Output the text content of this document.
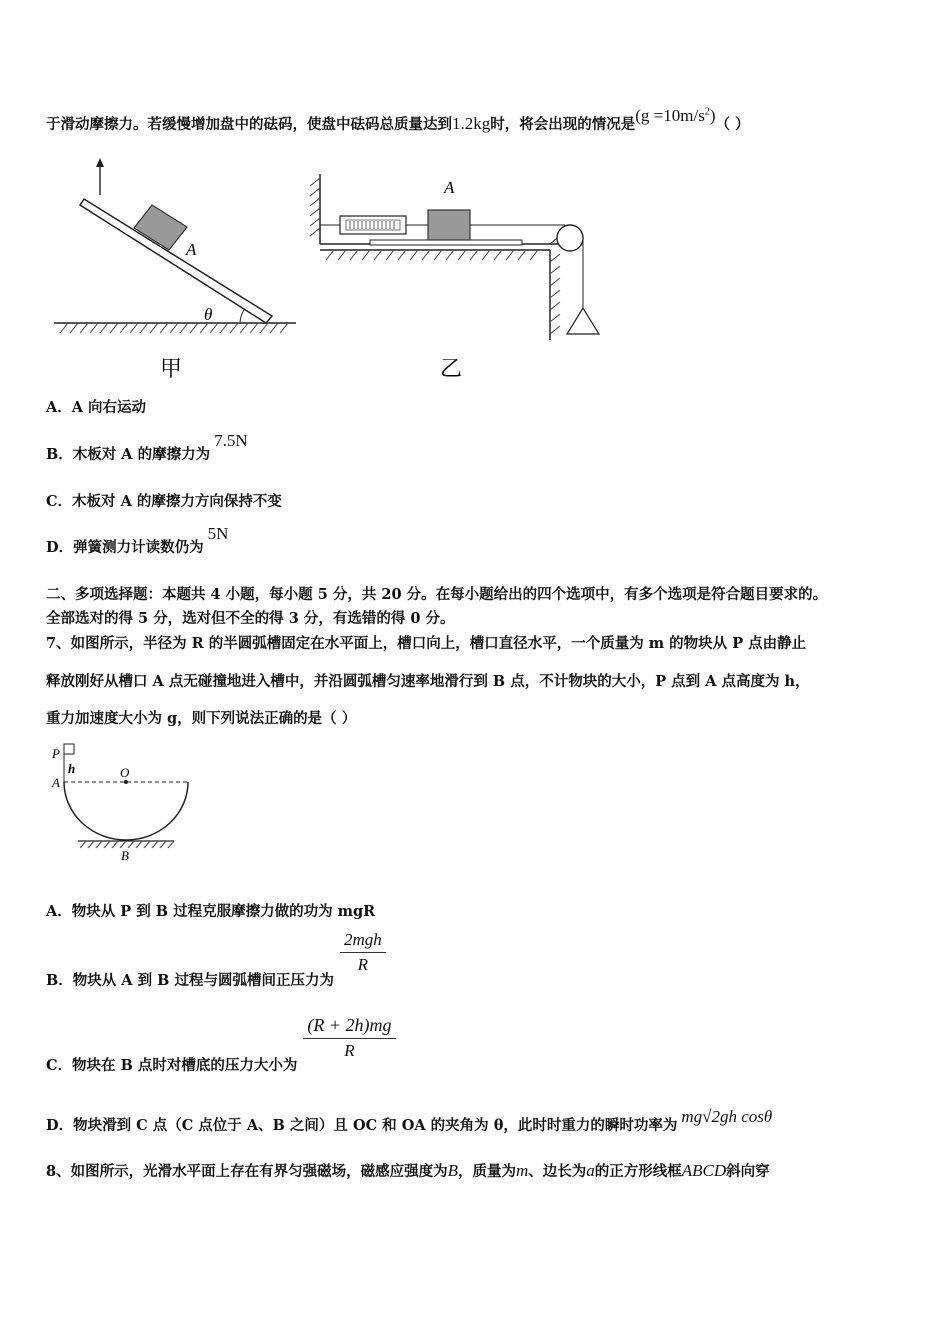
于滑动摩擦力。若缓慢增加盘中的砝码，使盘中砝码总质量达到1.2kg时，将会出现的情况是$(g =10m/s^2)$（ ）
θ
A
甲
A
乙
A．A 向右运动
B．木板对 A 的摩擦力为7.5N
C．木板对 A 的摩擦力方向保持不变
D．弹簧测力计读数仍为5N
二、多项选择题：本题共 4 小题，每小题 5 分，共 20 分。在每小题给出的四个选项中，有多个选项是符合题目要求的。
全部选对的得 5 分，选对但不全的得 3 分，有选错的得 0 分。
7、如图所示，半径为 R 的半圆弧槽固定在水平面上，槽口向上，槽口直径水平，一个质量为 m 的物块从 P 点由静止
释放刚好从槽口 A 点无碰撞地进入槽中，并沿圆弧槽匀速率地滑行到 B 点，不计物块的大小，P 点到 A 点高度为 h，
重力加速度大小为 g，则下列说法正确的是（ ）
P
h	O
A
B
A．物块从 P 到 B 过程克服摩擦力做的功为 mgR
B．物块从 A 到 B 过程与圆弧槽间正压力为
$\frac{\text{2mgh}}{R}$
C．物块在 B 点时对槽底的压力大小为
$\frac{(R + 2h)mg}{R}$
D．物块滑到 C 点（C 点位于 A、B 之间）且 OC 和 OA 的夹角为 θ，此时时重力的瞬时功率为 mg√2gh cosθ
8、如图所示，光滑水平面上存在有界匀强磁场，磁感应强度为B，质量为m、边长为a的正方形线框ABCD斜向穿
